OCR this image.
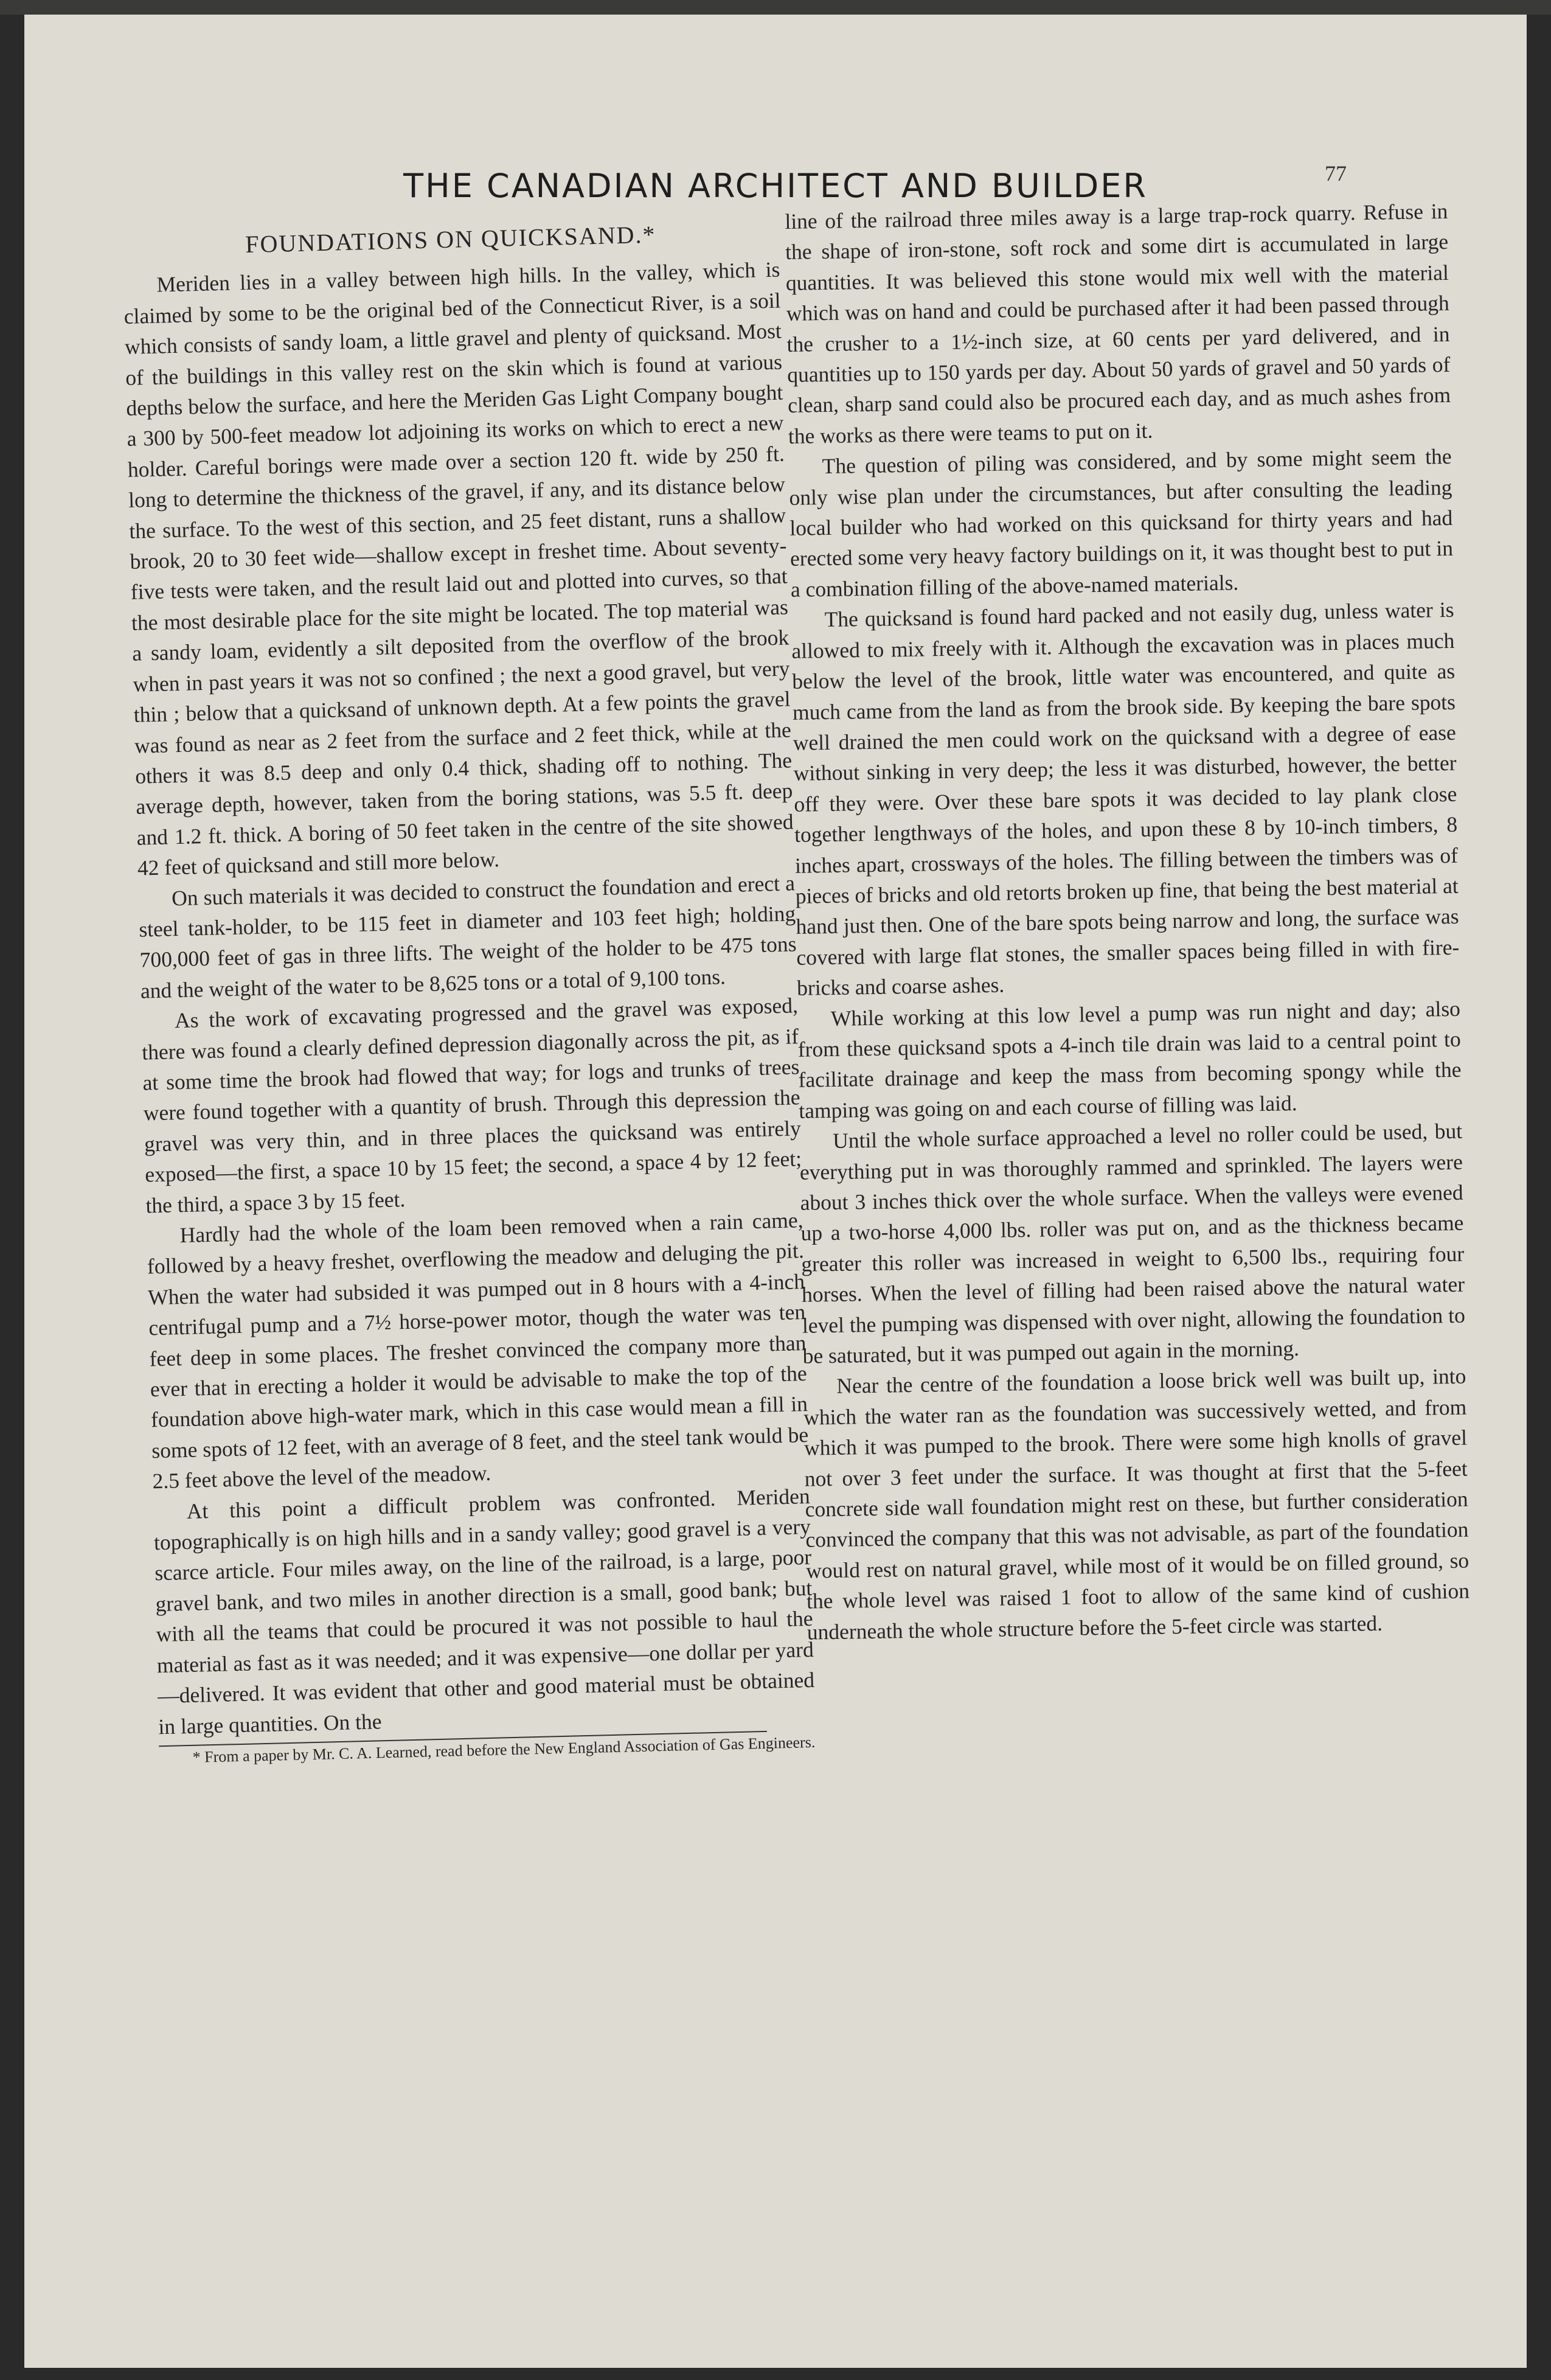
THE CANADIAN ARCHITECT AND BUILDER	77
FOUNDATIONS ON QUICKSAND.*

Meriden lies in a valley between high hills. In the valley, which is claimed by some to be the original bed of the Connecticut River, is a soil which consists of sandy loam, a little gravel and plenty of quicksand. Most of the buildings in this valley rest on the skin which is found at various depths below the surface, and here the Meriden Gas Light Company bought a 300 by 500-feet meadow lot adjoining its works on which to erect a new holder. Careful borings were made over a section 120 ft. wide by 250 ft. long to determine the thickness of the gravel, if any, and its distance below the surface. To the west of this section, and 25 feet distant, runs a shallow brook, 20 to 30 feet wide—shallow except in freshet time. About seventy-five tests were taken, and the result laid out and plotted into curves, so that the most desirable place for the site might be located. The top material was a sandy loam, evidently a silt deposited from the overflow of the brook when in past years it was not so confined ; the next a good gravel, but very thin ; below that a quicksand of unknown depth. At a few points the gravel was found as near as 2 feet from the surface and 2 feet thick, while at the others it was 8.5 deep and only 0.4 thick, shading off to nothing. The average depth, however, taken from the boring stations, was 5.5 ft. deep and 1.2 ft. thick. A boring of 50 feet taken in the centre of the site showed 42 feet of quicksand and still more below.

On such materials it was decided to construct the foundation and erect a steel tank-holder, to be 115 feet in diameter and 103 feet high; holding 700,000 feet of gas in three lifts. The weight of the holder to be 475 tons and the weight of the water to be 8,625 tons or a total of 9,100 tons.

As the work of excavating progressed and the gravel was exposed, there was found a clearly defined depression diagonally across the pit, as if at some time the brook had flowed that way; for logs and trunks of trees were found together with a quantity of brush. Through this depression the gravel was very thin, and in three places the quicksand was entirely exposed—the first, a space 10 by 15 feet; the second, a space 4 by 12 feet; the third, a space 3 by 15 feet.

Hardly had the whole of the loam been removed when a rain came, followed by a heavy freshet, overflowing the meadow and deluging the pit. When the water had subsided it was pumped out in 8 hours with a 4-inch centrifugal pump and a 7½ horse-power motor, though the water was ten feet deep in some places. The freshet convinced the company more than ever that in erecting a holder it would be advisable to make the top of the foundation above high-water mark, which in this case would mean a fill in some spots of 12 feet, with an average of 8 feet, and the steel tank would be 2.5 feet above the level of the meadow.

At this point a difficult problem was confronted. Meriden topographically is on high hills and in a sandy valley; good gravel is a very scarce article. Four miles away, on the line of the railroad, is a large, poor gravel bank, and two miles in another direction is a small, good bank; but with all the teams that could be procured it was not possible to haul the material as fast as it was needed; and it was expensive—one dollar per yard—delivered. It was evident that other and good material must be obtained in large quantities. On the

* From a paper by Mr. C. A. Learned, read before the New England Association of Gas Engineers.

line of the railroad three miles away is a large trap-rock quarry. Refuse in the shape of iron-stone, soft rock and some dirt is accumulated in large quantities. It was believed this stone would mix well with the material which was on hand and could be purchased after it had been passed through the crusher to a 1½-inch size, at 60 cents per yard delivered, and in quantities up to 150 yards per day. About 50 yards of gravel and 50 yards of clean, sharp sand could also be procured each day, and as much ashes from the works as there were teams to put on it.

The question of piling was considered, and by some might seem the only wise plan under the circumstances, but after consulting the leading local builder who had worked on this quicksand for thirty years and had erected some very heavy factory buildings on it, it was thought best to put in a combination filling of the above-named materials.

The quicksand is found hard packed and not easily dug, unless water is allowed to mix freely with it. Although the excavation was in places much below the level of the brook, little water was encountered, and quite as much came from the land as from the brook side. By keeping the bare spots well drained the men could work on the quicksand with a degree of ease without sinking in very deep; the less it was disturbed, however, the better off they were. Over these bare spots it was decided to lay plank close together lengthways of the holes, and upon these 8 by 10-inch timbers, 8 inches apart, crossways of the holes. The filling between the timbers was of pieces of bricks and old retorts broken up fine, that being the best material at hand just then. One of the bare spots being narrow and long, the surface was covered with large flat stones, the smaller spaces being filled in with fire-bricks and coarse ashes.

While working at this low level a pump was run night and day; also from these quicksand spots a 4-inch tile drain was laid to a central point to facilitate drainage and keep the mass from becoming spongy while the tamping was going on and each course of filling was laid.

Until the whole surface approached a level no roller could be used, but everything put in was thoroughly rammed and sprinkled. The layers were about 3 inches thick over the whole surface. When the valleys were evened up a two-horse 4,000 lbs. roller was put on, and as the thickness became greater this roller was increased in weight to 6,500 lbs., requiring four horses. When the level of filling had been raised above the natural water level the pumping was dispensed with over night, allowing the foundation to be saturated, but it was pumped out again in the morning.

Near the centre of the foundation a loose brick well was built up, into which the water ran as the foundation was successively wetted, and from which it was pumped to the brook. There were some high knolls of gravel not over 3 feet under the surface. It was thought at first that the 5-feet concrete side wall foundation might rest on these, but further consideration convinced the company that this was not advisable, as part of the foundation would rest on natural gravel, while most of it would be on filled ground, so the whole level was raised 1 foot to allow of the same kind of cushion underneath the whole structure before the 5-feet circle was started.
